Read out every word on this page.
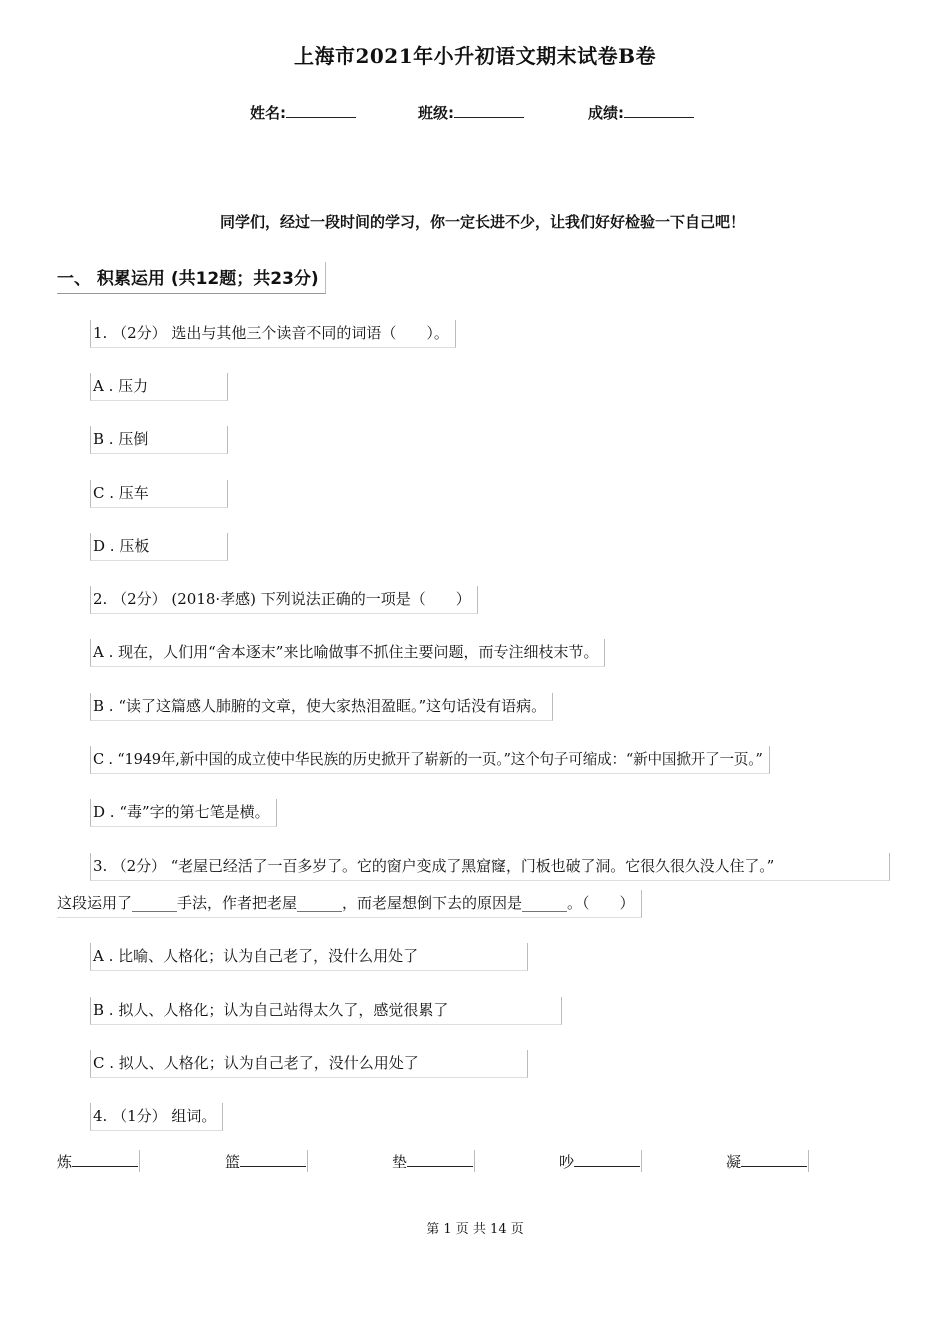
上海市2021年小升初语文期末试卷B卷
姓名:	班级:	成绩:
同学们，经过一段时间的学习，你一定长进不少，让我们好好检验一下自己吧！
一、 积累运用 (共12题；共23分)
1. （2分） 选出与其他三个读音不同的词语（　　）。
A . 压力
B . 压倒
C . 压车
D . 压板
2. （2分） (2018·孝感) 下列说法正确的一项是（　　）
A . 现在，人们用“舍本逐末”来比喻做事不抓住主要问题，而专注细枝末节。
B . “读了这篇感人肺腑的文章，使大家热泪盈眶。”这句话没有语病。
C . “1949年,新中国的成立使中华民族的历史掀开了崭新的一页。”这个句子可缩成：“新中国掀开了一页。”
D . “毒”字的第七笔是横。
3. （2分） “老屋已经活了一百多岁了。它的窗户变成了黑窟窿，门板也破了洞。它很久很久没人住了。”
这段运用了______手法，作者把老屋______，而老屋想倒下去的原因是______。（　　）
A . 比喻、人格化；认为自己老了，没什么用处了
B . 拟人、人格化；认为自己站得太久了，感觉很累了
C . 拟人、人格化；认为自己老了，没什么用处了
4. （1分） 组词。
炼	篮	垫	吵	凝
第 1 页 共 14 页
